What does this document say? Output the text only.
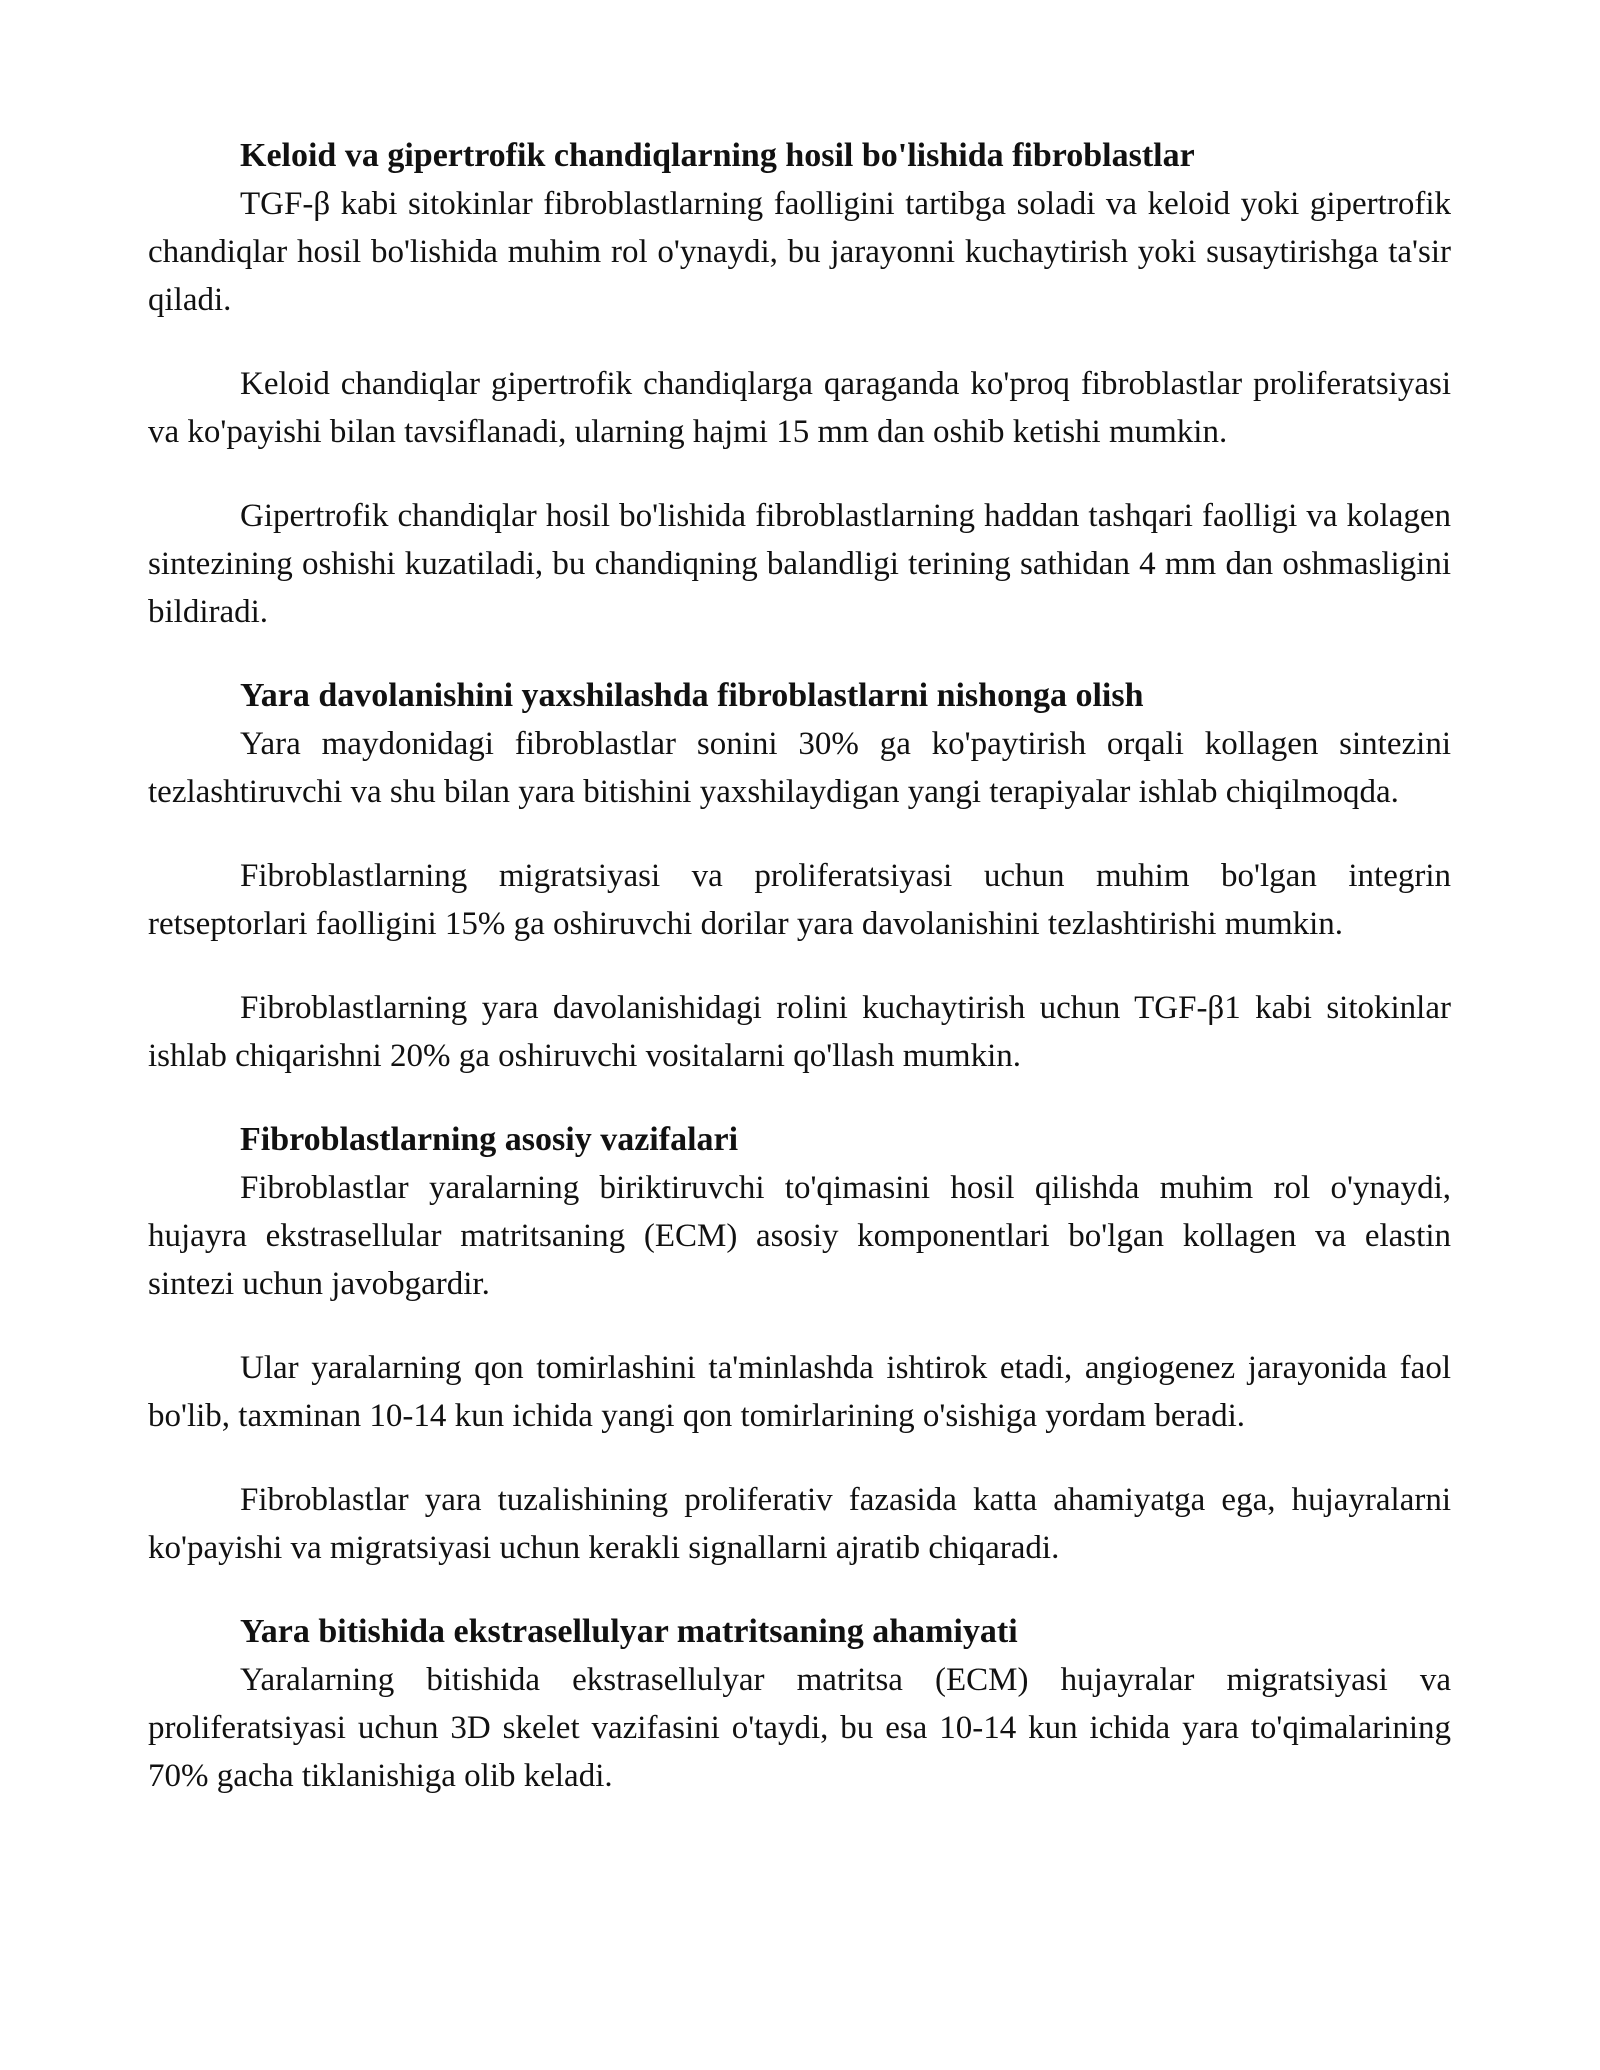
Keloid va gipertrofik chandiqlarning hosil bo'lishida fibroblastlar

TGF-β kabi sitokinlar fibroblastlarning faolligini tartibga soladi va keloid yoki gipertrofik chandiqlar hosil bo'lishida muhim rol o'ynaydi, bu jarayonni kuchaytirish yoki susaytirishga ta'sir qiladi.

Keloid chandiqlar gipertrofik chandiqlarga qaraganda ko'proq fibroblastlar proliferatsiyasi va ko'payishi bilan tavsiflanadi, ularning hajmi 15 mm dan oshib ketishi mumkin.

Gipertrofik chandiqlar hosil bo'lishida fibroblastlarning haddan tashqari faolligi va kolagen sintezining oshishi kuzatiladi, bu chandiqning balandligi terining sathidan 4 mm dan oshmasligini bildiradi.

Yara davolanishini yaxshilashda fibroblastlarni nishonga olish

Yara maydonidagi fibroblastlar sonini 30% ga ko'paytirish orqali kollagen sintezini tezlashtiruvchi va shu bilan yara bitishini yaxshilaydigan yangi terapiyalar ishlab chiqilmoqda.

Fibroblastlarning migratsiyasi va proliferatsiyasi uchun muhim bo'lgan integrin retseptorlari faolligini 15% ga oshiruvchi dorilar yara davolanishini tezlashtirishi mumkin.

Fibroblastlarning yara davolanishidagi rolini kuchaytirish uchun TGF-β1 kabi sitokinlar ishlab chiqarishni 20% ga oshiruvchi vositalarni qo'llash mumkin.

Fibroblastlarning asosiy vazifalari

Fibroblastlar yaralarning biriktiruvchi to'qimasini hosil qilishda muhim rol o'ynaydi, hujayra ekstrasellular matritsaning (ECM) asosiy komponentlari bo'lgan kollagen va elastin sintezi uchun javobgardir.

Ular yaralarning qon tomirlashini ta'minlashda ishtirok etadi, angiogenez jarayonida faol bo'lib, taxminan 10-14 kun ichida yangi qon tomirlarining o'sishiga yordam beradi.

Fibroblastlar yara tuzalishining proliferativ fazasida katta ahamiyatga ega, hujayralarni ko'payishi va migratsiyasi uchun kerakli signallarni ajratib chiqaradi.

Yara bitishida ekstrasellulyar matritsaning ahamiyati

Yaralarning bitishida ekstrasellulyar matritsa (ECM) hujayralar migratsiyasi va proliferatsiyasi uchun 3D skelet vazifasini o'taydi, bu esa 10-14 kun ichida yara to'qimalarining 70% gacha tiklanishiga olib keladi.
